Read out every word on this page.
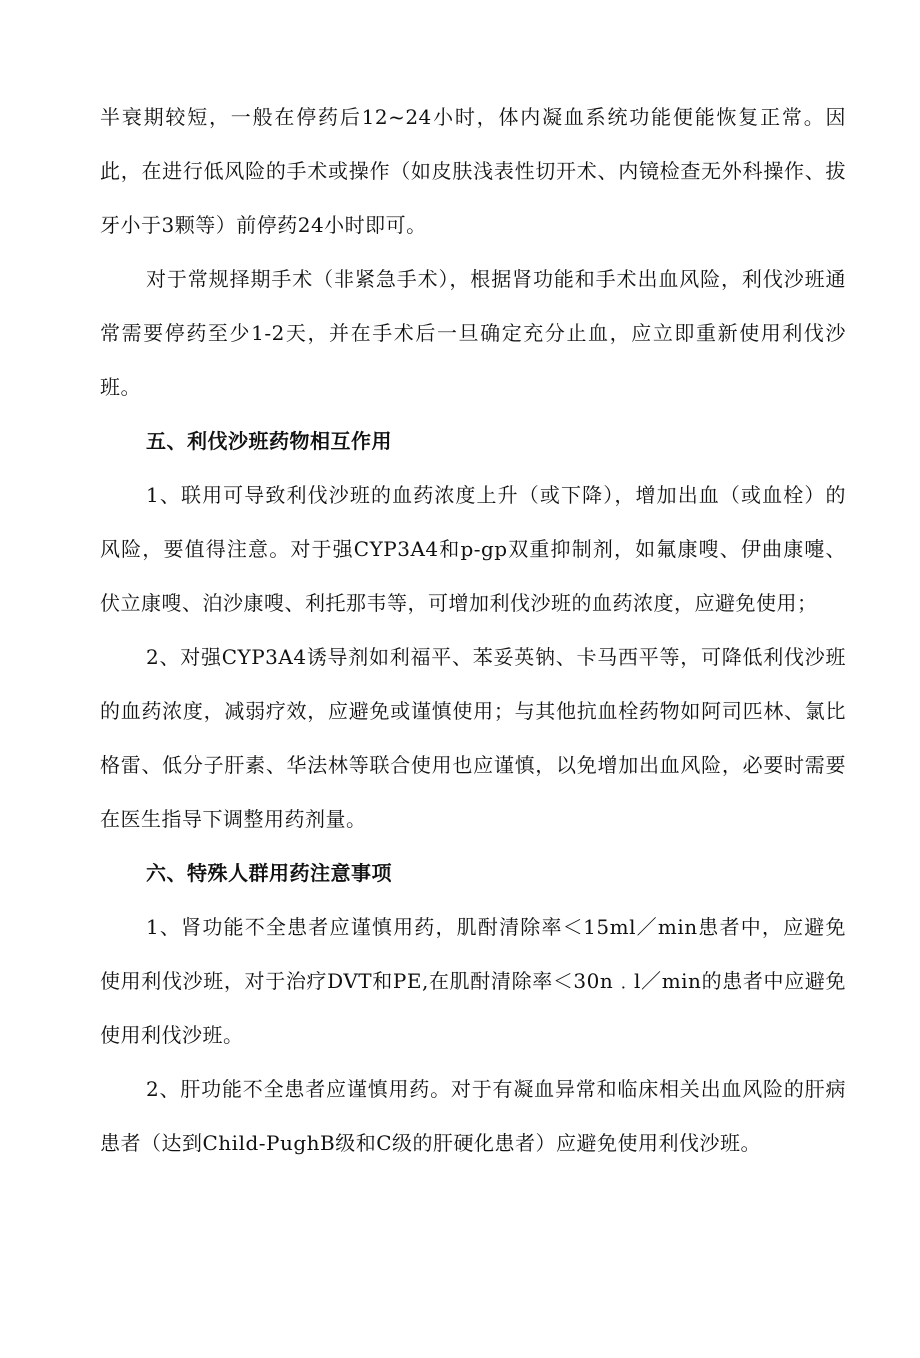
半衰期较短，一般在停药后12~24小时，体内凝血系统功能便能恢复正常。因此，在进行低风险的手术或操作（如皮肤浅表性切开术、内镜检查无外科操作、拔牙小于3颗等）前停药24小时即可。

对于常规择期手术（非紧急手术），根据肾功能和手术出血风险，利伐沙班通常需要停药至少1-2天，并在手术后一旦确定充分止血，应立即重新使用利伐沙班。

五、利伐沙班药物相互作用

1、联用可导致利伐沙班的血药浓度上升（或下降），增加出血（或血栓）的风险，要值得注意。对于强CYP3A4和p-gp双重抑制剂，如氟康嗖、伊曲康嚏、伏立康嗖、泊沙康嗖、利托那韦等，可增加利伐沙班的血药浓度，应避免使用；

2、对强CYP3A4诱导剂如利福平、苯妥英钠、卡马西平等，可降低利伐沙班的血药浓度，减弱疗效，应避免或谨慎使用；与其他抗血栓药物如阿司匹林、氯比格雷、低分子肝素、华法林等联合使用也应谨慎，以免增加出血风险，必要时需要在医生指导下调整用药剂量。

六、特殊人群用药注意事项

1、肾功能不全患者应谨慎用药，肌酎清除率＜15ml／min患者中，应避免使用利伐沙班，对于治疗DVT和PE,在肌酎清除率＜30n﹒l／min的患者中应避免使用利伐沙班。

2、肝功能不全患者应谨慎用药。对于有凝血异常和临床相关出血风险的肝病患者（达到Child-PughB级和C级的肝硬化患者）应避免使用利伐沙班。
